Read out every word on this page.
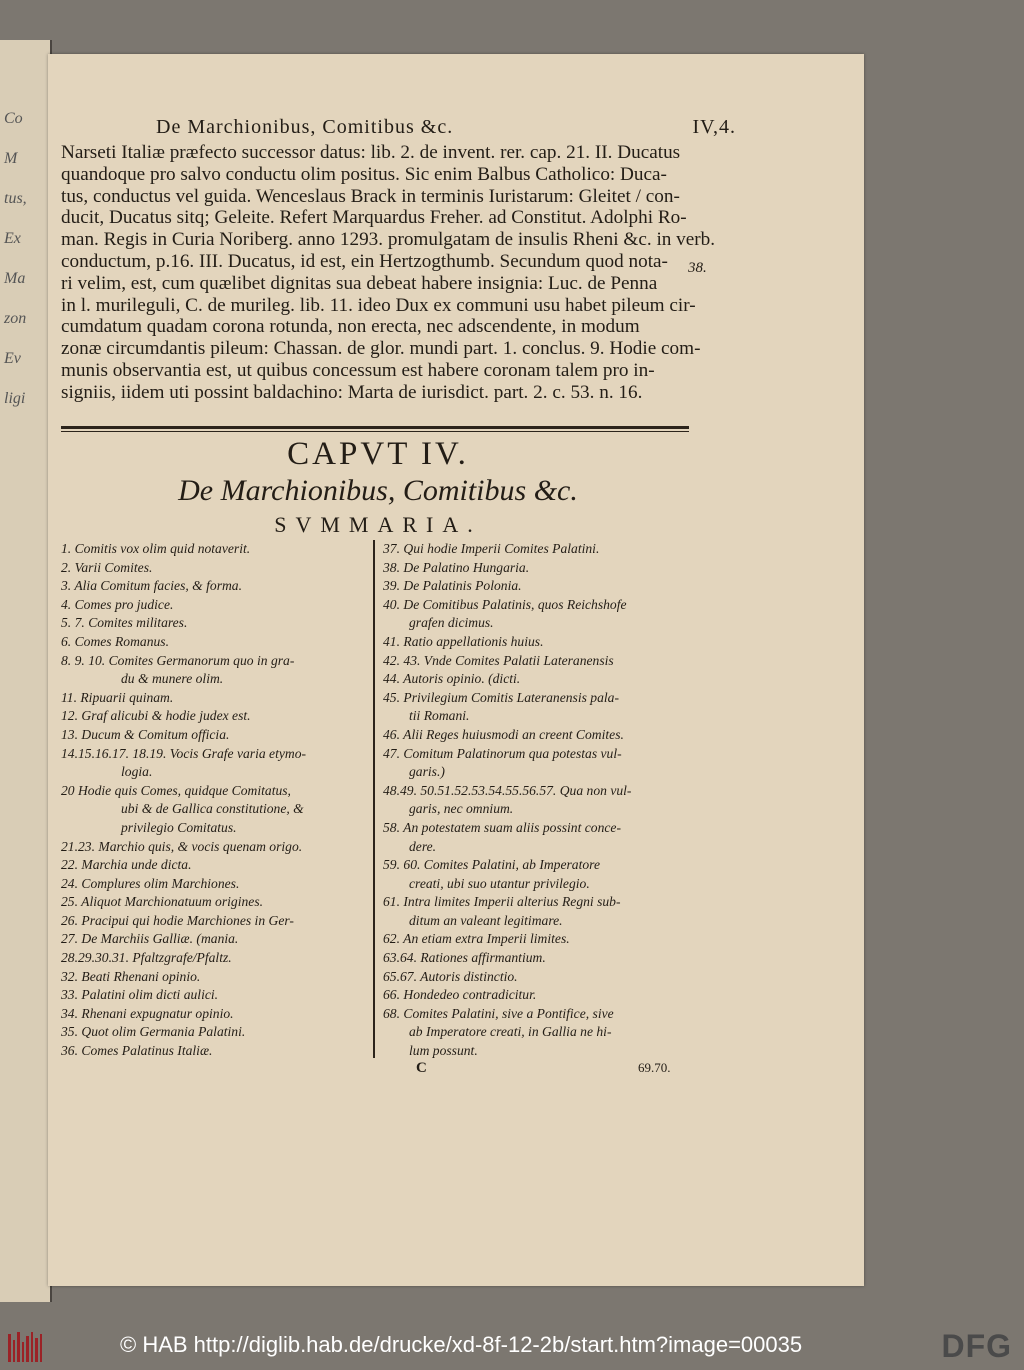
Co
M
tus,
Ex
Ma
zon
Ev
ligi
De Marchionibus, Comitibus &c.	IV,4.
Narseti Italiæ præfecto successor datus: lib. 2. de invent. rer. cap. 21. II. Ducatus
quandoque pro salvo conductu olim positus. Sic enim Balbus Catholico: Duca-
tus, conductus vel guida. Wenceslaus Brack in terminis Iuristarum: Gleitet / con-
ducit, Ducatus sitq; Geleite. Refert Marquardus Freher. ad Constitut. Adolphi Ro-
man. Regis in Curia Noriberg. anno 1293. promulgatam de insulis Rheni &c. in verb.
conductum, p.16. III. Ducatus, id est, ein Hertzogthumb. Secundum quod nota-
ri velim, est, cum quælibet dignitas sua debeat habere insignia: Luc. de Penna
in l. murileguli, C. de murileg. lib. 11. ideo Dux ex communi usu habet pileum cir-
cumdatum quadam corona rotunda, non erecta, nec adscendente, in modum
zonæ circumdantis pileum: Chassan. de glor. mundi part. 1. conclus. 9. Hodie com-
munis observantia est, ut quibus concessum est habere coronam talem pro in-
signiis, iidem uti possint baldachino: Marta de iurisdict. part. 2. c. 53. n. 16.
38.
CAPVT IV.
De Marchionibus, Comitibus &c.
SVMMARIA.
1. Comitis vox olim quid notaverit.
2. Varii Comites.
3. Alia Comitum facies, & forma.
4. Comes pro judice.
5. 7. Comites militares.
6. Comes Romanus.
8. 9. 10. Comites Germanorum quo in gra-
du & munere olim.
11. Ripuarii quinam.
12. Graf alicubi & hodie judex est.
13. Ducum & Comitum officia.
14.15.16.17. 18.19. Vocis Grafe varia etymo-
logia.
20 Hodie quis Comes, quidque Comitatus,
ubi & de Gallica constitutione, &
privilegio Comitatus.
21.23. Marchio quis, & vocis quenam origo.
22. Marchia unde dicta.
24. Complures olim Marchiones.
25. Aliquot Marchionatuum origines.
26. Pracipui qui hodie Marchiones in Ger-
27. De Marchiis Galliæ. (mania.
28.29.30.31. Pfaltzgrafe/Pfaltz.
32. Beati Rhenani opinio.
33. Palatini olim dicti aulici.
34. Rhenani expugnatur opinio.
35. Quot olim Germania Palatini.
36. Comes Palatinus Italiæ.
37. Qui hodie Imperii Comites Palatini.
38. De Palatino Hungaria.
39. De Palatinis Polonia.
40. De Comitibus Palatinis, quos Reichshofe
grafen dicimus.
41. Ratio appellationis huius.
42. 43. Vnde Comites Palatii Lateranensis
44. Autoris opinio. (dicti.
45. Privilegium Comitis Lateranensis pala-
tii Romani.
46. Alii Reges huiusmodi an creent Comites.
47. Comitum Palatinorum qua potestas vul-
garis.)
48.49. 50.51.52.53.54.55.56.57. Qua non vul-
garis, nec omnium.
58. An potestatem suam aliis possint conce-
dere.
59. 60. Comites Palatini, ab Imperatore
creati, ubi suo utantur privilegio.
61. Intra limites Imperii alterius Regni sub-
ditum an valeant legitimare.
62. An etiam extra Imperii limites.
63.64. Rationes affirmantium.
65.67. Autoris distinctio.
66. Hondedeo contradicitur.
68. Comites Palatini, sive a Pontifice, sive
ab Imperatore creati, in Gallia ne hi-
lum possunt.
C	69.70.
© HAB http://diglib.hab.de/drucke/xd-8f-12-2b/start.htm?image=00035	DFG
